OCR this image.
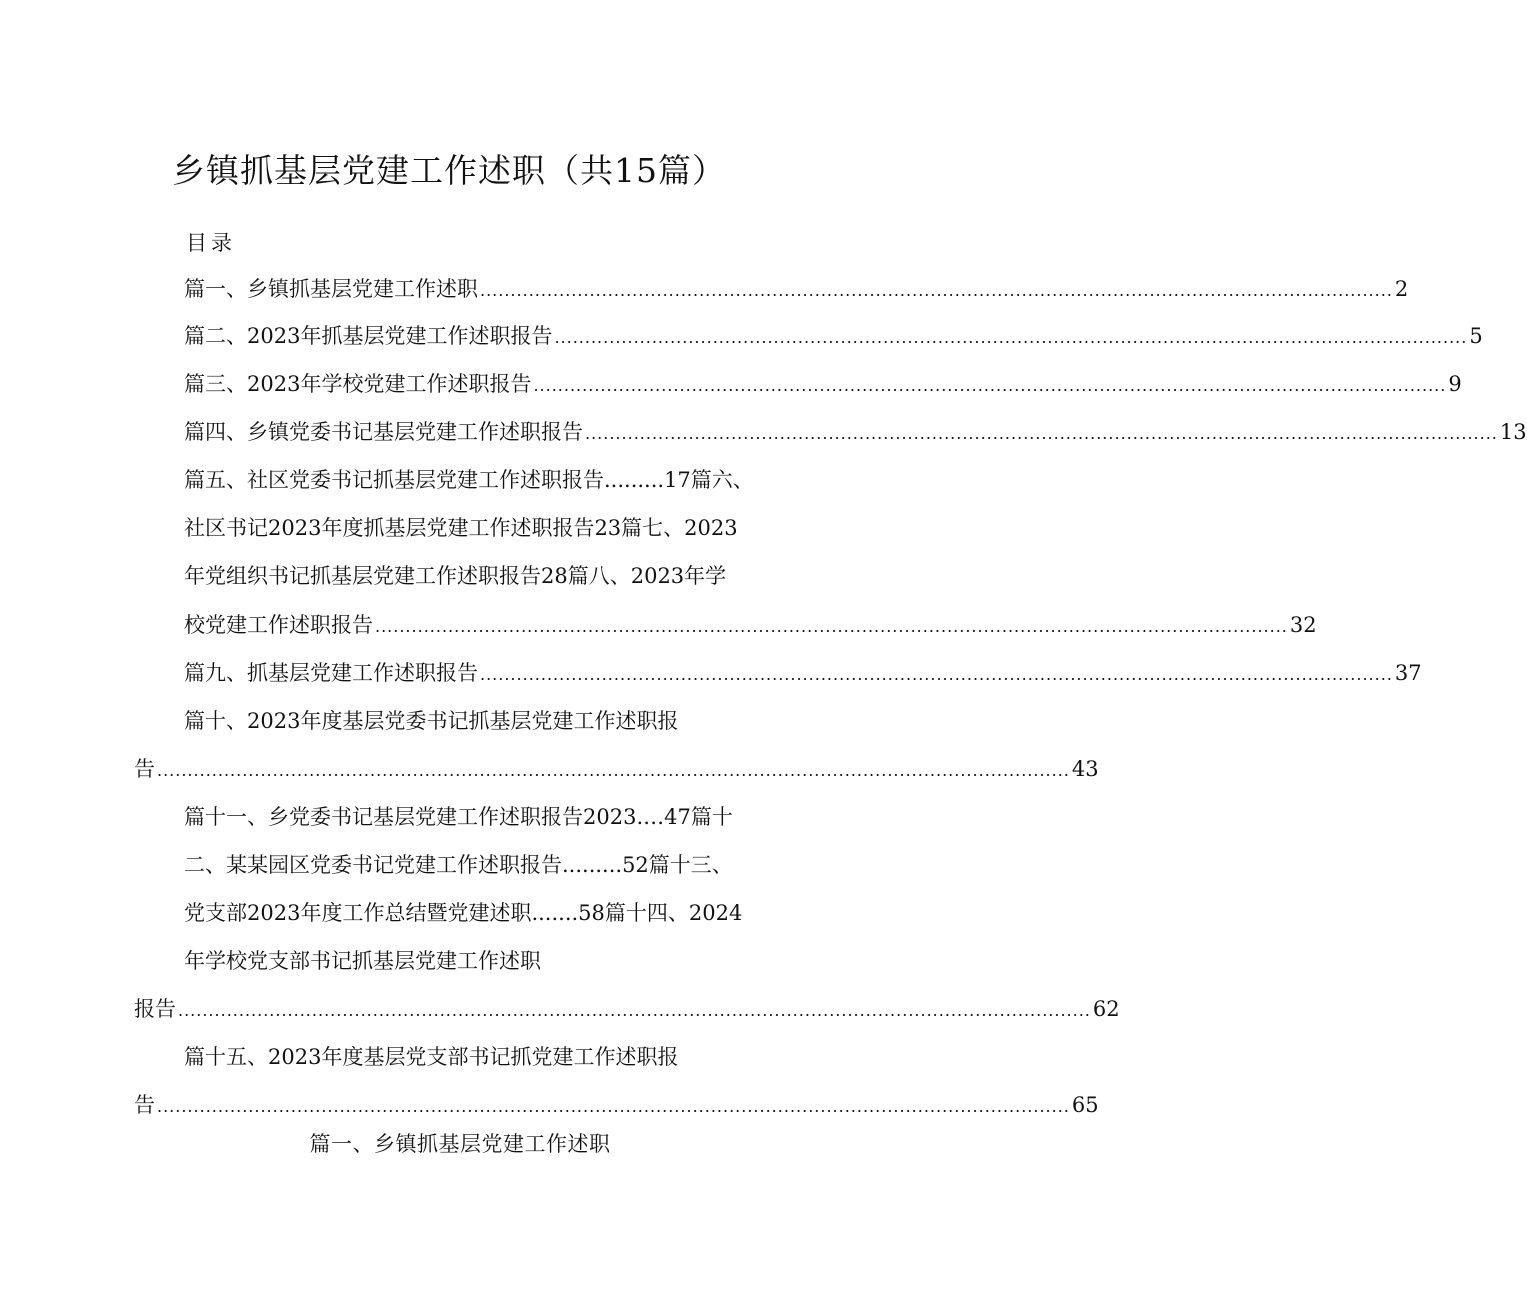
乡镇抓基层党建工作述职（共15篇）
目录
篇一、乡镇抓基层党建工作述职 ...................................................................................................................................................... 2
篇二、2023年抓基层党建工作述职报告 ...................................................................................................................................................... 5
篇三、2023年学校党建工作述职报告 ...................................................................................................................................................... 9
篇四、乡镇党委书记基层党建工作述职报告 ...................................................................................................................................................... 13
篇五、社区党委书记抓基层党建工作述职报告.........17篇六、
社区书记2023年度抓基层党建工作述职报告23篇七、2023
年党组织书记抓基层党建工作述职报告28篇八、2023年学
校党建工作述职报告 ...................................................................................................................................................... 32
篇九、抓基层党建工作述职报告 ...................................................................................................................................................... 37
篇十、2023年度基层党委书记抓基层党建工作述职报
告 ...................................................................................................................................................... 43
篇十一、乡党委书记基层党建工作述职报告2023.…47篇十
二、某某园区党委书记党建工作述职报告.........52篇十三、
党支部2023年度工作总结暨党建述职.......58篇十四、2024
年学校党支部书记抓基层党建工作述职
报告 ...................................................................................................................................................... 62
篇十五、2023年度基层党支部书记抓党建工作述职报
告 ...................................................................................................................................................... 65
篇一、乡镇抓基层党建工作述职
